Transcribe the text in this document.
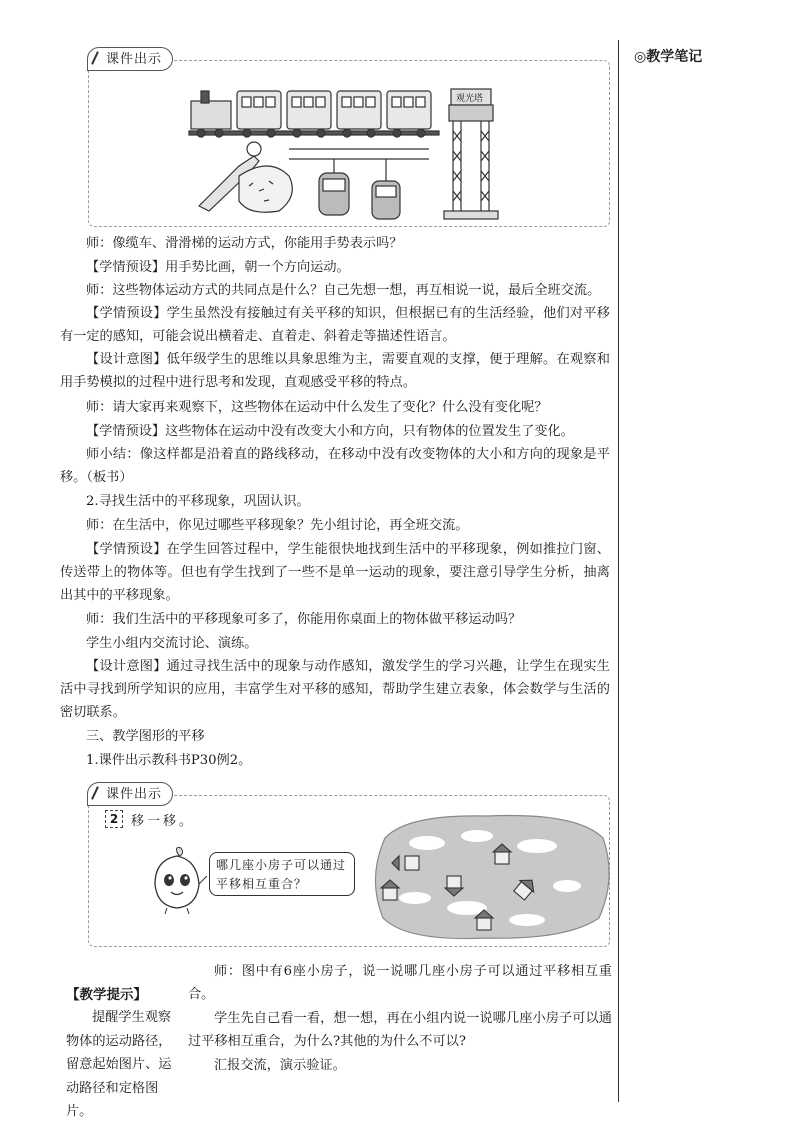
◎教学笔记
课件出示
观光塔

师：像缆车、滑滑梯的运动方式，你能用手势表示吗？

【学情预设】用手势比画，朝一个方向运动。

师：这些物体运动方式的共同点是什么？自己先想一想，再互相说一说，最后全班交流。

【学情预设】学生虽然没有接触过有关平移的知识，但根据已有的生活经验，他们对平移有一定的感知，可能会说出横着走、直着走、斜着走等描述性语言。

【设计意图】低年级学生的思维以具象思维为主，需要直观的支撑，便于理解。在观察和用手势模拟的过程中进行思考和发现，直观感受平移的特点。

师：请大家再来观察下，这些物体在运动中什么发生了变化？什么没有变化呢？

【学情预设】这些物体在运动中没有改变大小和方向，只有物体的位置发生了变化。

师小结：像这样都是沿着直的路线移动，在移动中没有改变物体的大小和方向的现象是平移。（板书）

2.寻找生活中的平移现象，巩固认识。

师：在生活中，你见过哪些平移现象？先小组讨论，再全班交流。

【学情预设】在学生回答过程中，学生能很快地找到生活中的平移现象，例如推拉门窗、传送带上的物体等。但也有学生找到了一些不是单一运动的现象，要注意引导学生分析，抽离出其中的平移现象。

师：我们生活中的平移现象可多了，你能用你桌面上的物体做平移运动吗？

学生小组内交流讨论、演练。

【设计意图】通过寻找生活中的现象与动作感知，激发学生的学习兴趣，让学生在现实生活中寻找到所学知识的应用，丰富学生对平移的感知，帮助学生建立表象，体会数学与生活的密切联系。

三、教学图形的平移

1.课件出示教科书P30例2。

课件出示
2 移一移。
哪几座小房子可以通过平移相互重合？
【教学提示】
提醒学生观察物体的运动路径，留意起始图片、运动路径和定格图片。

师：图中有6座小房子，说一说哪几座小房子可以通过平移相互重合。

学生先自己看一看，想一想，再在小组内说一说哪几座小房子可以通过平移相互重合，为什么?其他的为什么不可以?

汇报交流，演示验证。
